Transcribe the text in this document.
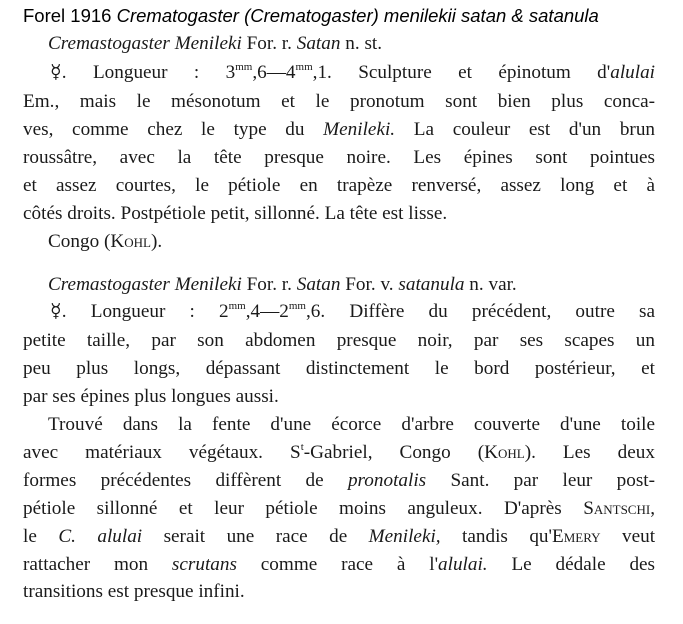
Forel 1916 Crematogaster (Crematogaster) menilekii satan & satanula
Cremastogaster Menileki For. r. Satan n. st.
☿. Longueur : $3^{mm},6—4^{mm},1$. Sculpture et épinotum d'alulai
Em., mais le mésonotum et le pronotum sont bien plus conca-
ves, comme chez le type du Menileki. La couleur est d'un brun
roussâtre, avec la tête presque noire. Les épines sont pointues
et assez courtes, le pétiole en trapèze renversé, assez long et à
côtés droits. Postpétiole petit, sillonné. La tête est lisse.
Congo (Kohl).
Cremastogaster Menileki For. r. Satan For. v. satanula n. var.
☿. Longueur : $2^{mm},4—2^{mm},6$. Diffère du précédent, outre sa
petite taille, par son abdomen presque noir, par ses scapes un
peu plus longs, dépassant distinctement le bord postérieur, et
par ses épines plus longues aussi.
Trouvé dans la fente d'une écorce d'arbre couverte d'une toile
avec matériaux végétaux. $S^t$-Gabriel, Congo (Kohl). Les deux
formes précédentes diffèrent de pronotalis Sant. par leur post-
pétiole sillonné et leur pétiole moins anguleux. D'après Santschi,
le C. alulai serait une race de Menileki, tandis qu'Emery veut
rattacher mon scrutans comme race à l'alulai. Le dédale des
transitions est presque infini.
